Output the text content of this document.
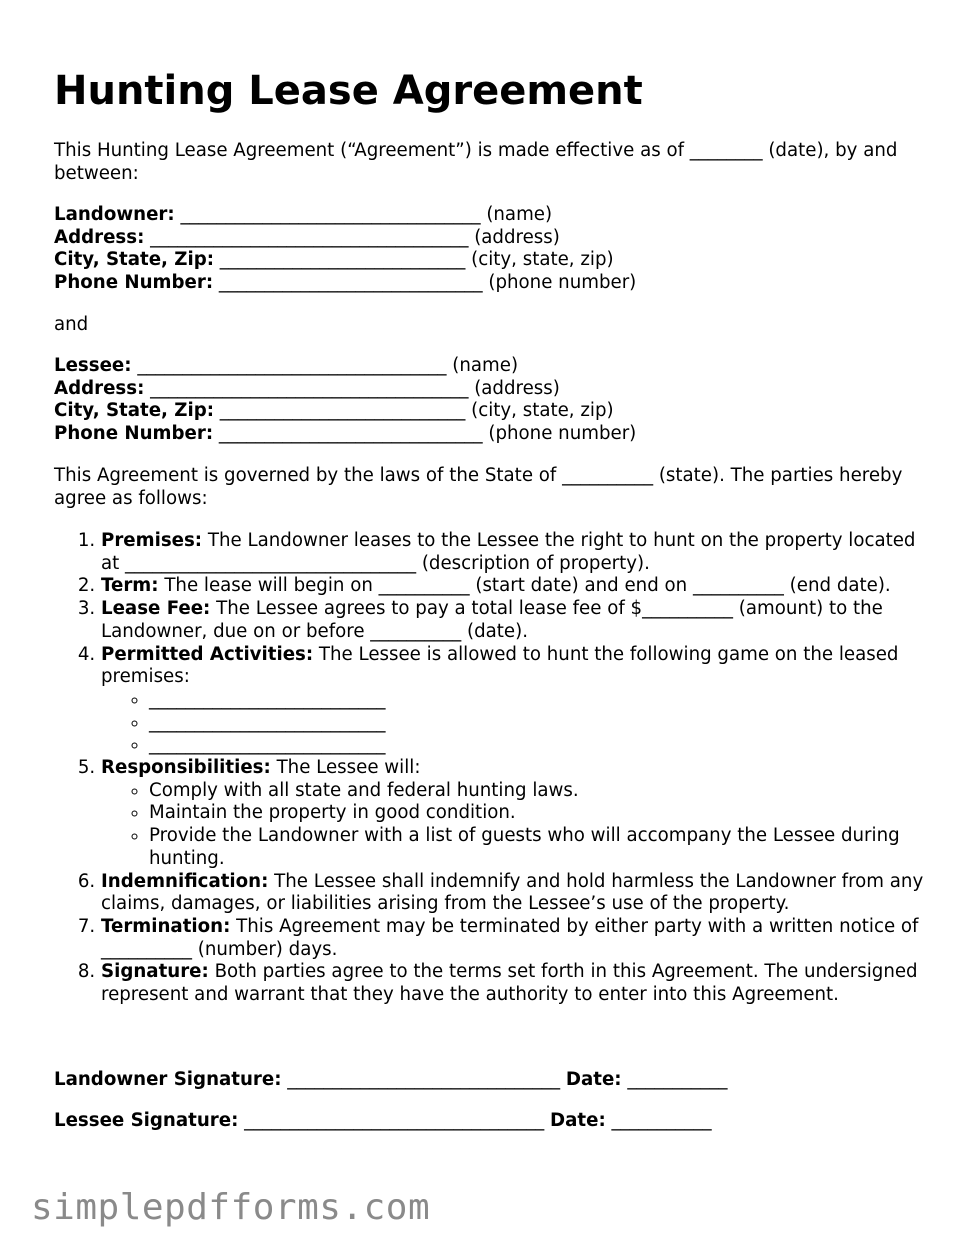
Hunting Lease Agreement
This Hunting Lease Agreement (“Agreement”) is made effective as of ________ (date), by and between:
Landowner: _________________________________ (name)
Address: ___________________________________ (address)
City, State, Zip: ___________________________ (city, state, zip)
Phone Number: _____________________________ (phone number)
and
Lessee: __________________________________ (name)
Address: ___________________________________ (address)
City, State, Zip: ___________________________ (city, state, zip)
Phone Number: _____________________________ (phone number)
This Agreement is governed by the laws of the State of __________ (state). The parties hereby agree as follows:
1. Premises: The Landowner leases to the Lessee the right to hunt on the property located at ________________________________ (description of property).
2. Term: The lease will begin on __________ (start date) and end on __________ (end date).
3. Lease Fee: The Lessee agrees to pay a total lease fee of $__________ (amount) to the Landowner, due on or before __________ (date).
4. Permitted Activities: The Lessee is allowed to hunt the following game on the leased premises:
◦ __________________________
◦ __________________________
◦ __________________________
5. Responsibilities: The Lessee will:
◦ Comply with all state and federal hunting laws.
◦ Maintain the property in good condition.
◦ Provide the Landowner with a list of guests who will accompany the Lessee during hunting.
6. Indemnification: The Lessee shall indemnify and hold harmless the Landowner from any claims, damages, or liabilities arising from the Lessee’s use of the property.
7. Termination: This Agreement may be terminated by either party with a written notice of __________ (number) days.
8. Signature: Both parties agree to the terms set forth in this Agreement. The undersigned represent and warrant that they have the authority to enter into this Agreement.
Landowner Signature: ______________________________ Date: ___________
Lessee Signature: _________________________________ Date: ___________
simplepdfforms.com
